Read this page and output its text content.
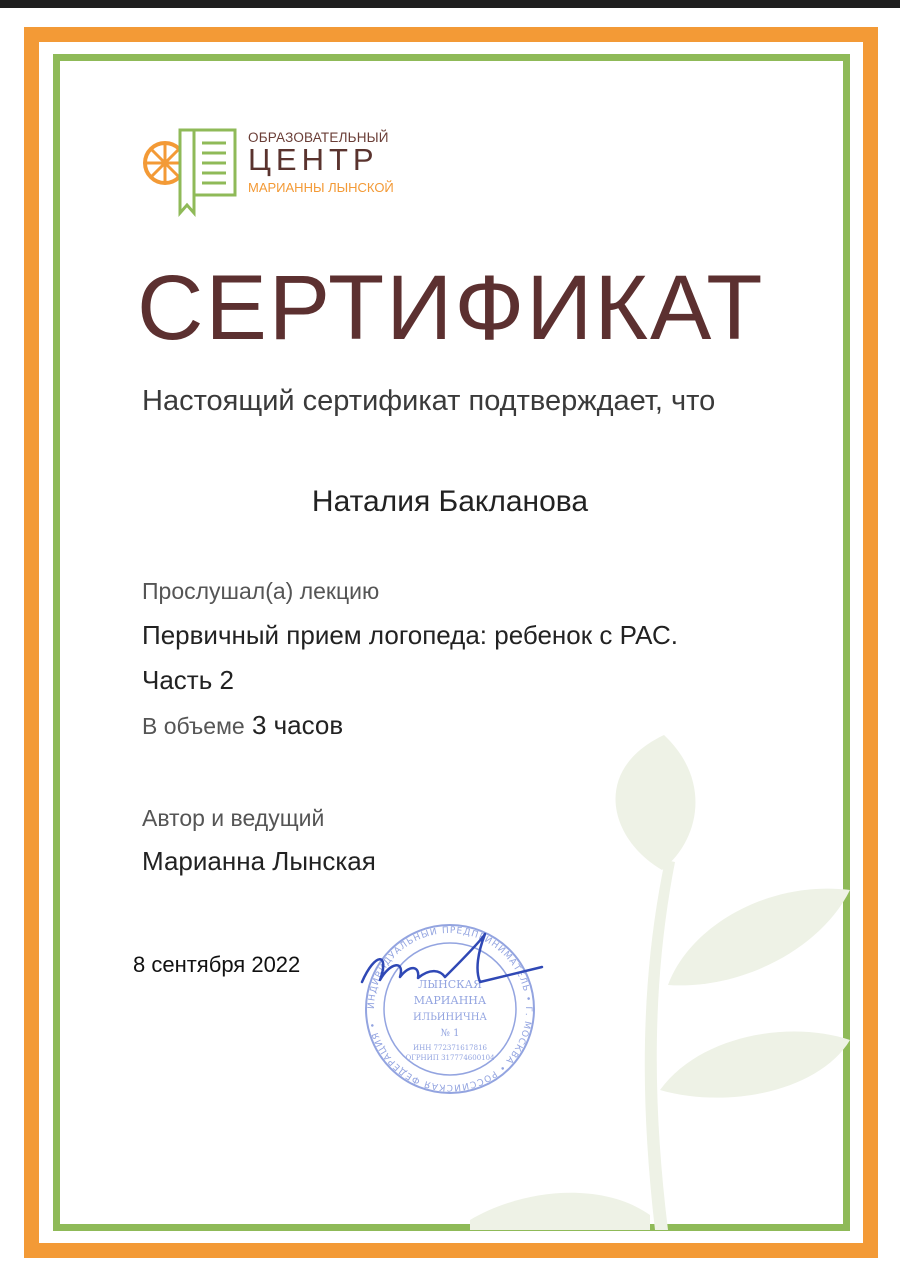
ОБРАЗОВАТЕЛЬНЫЙ
ЦЕНТР
МАРИАННЫ ЛЫНСКОЙ
СЕРТИФИКАТ
Настоящий сертификат подтверждает, что
Наталия Бакланова
Прослушал(а) лекцию
Первичный прием логопеда: ребенок с РАС.
Часть 2
В объеме 3 часов
Автор и ведущий
Марианна Лынская
8 сентября 2022
ИНДИВИДУАЛЬНЫЙ ПРЕДПРИНИМАТЕЛЬ • Г. МОСКВА • РОССИЙСКАЯ ФЕДЕРАЦИЯ •
ЛЫНСКАЯ
МАРИАННА
ИЛЬИНИЧНА
№ 1
ИНН 772371617816
ОГРНИП 317774600104
